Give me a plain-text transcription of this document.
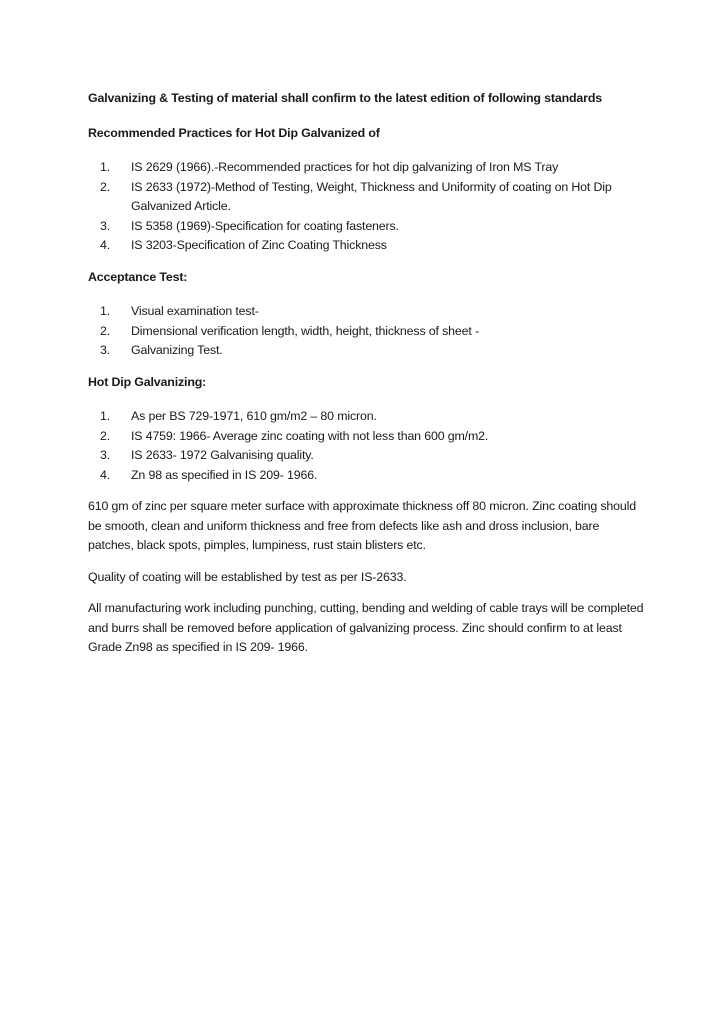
Galvanizing & Testing of material shall confirm to the latest edition of following standards

Recommended Practices for Hot Dip Galvanized of

1. IS 2629 (1966).-Recommended practices for hot dip galvanizing of Iron MS Tray
2. IS 2633 (1972)-Method of Testing, Weight, Thickness and Uniformity of coating on Hot Dip Galvanized Article.
3. IS 5358 (1969)-Specification for coating fasteners.
4. IS 3203-Specification of Zinc Coating Thickness

Acceptance Test:

1. Visual examination test-
2. Dimensional verification length, width, height, thickness of sheet -
3. Galvanizing Test.

Hot Dip Galvanizing:

1. As per BS 729-1971, 610 gm/m2 – 80 micron.
2. IS 4759: 1966- Average zinc coating with not less than 600 gm/m2.
3. IS 2633- 1972 Galvanising quality.
4. Zn 98 as specified in IS 209- 1966.

610 gm of zinc per square meter surface with approximate thickness off 80 micron. Zinc coating should be smooth, clean and uniform thickness and free from defects like ash and dross inclusion, bare patches, black spots, pimples, lumpiness, rust stain blisters etc.

Quality of coating will be established by test as per IS-2633.

All manufacturing work including punching, cutting, bending and welding of cable trays will be completed and burrs shall be removed before application of galvanizing process. Zinc should confirm to at least Grade Zn98 as specified in IS 209- 1966.
